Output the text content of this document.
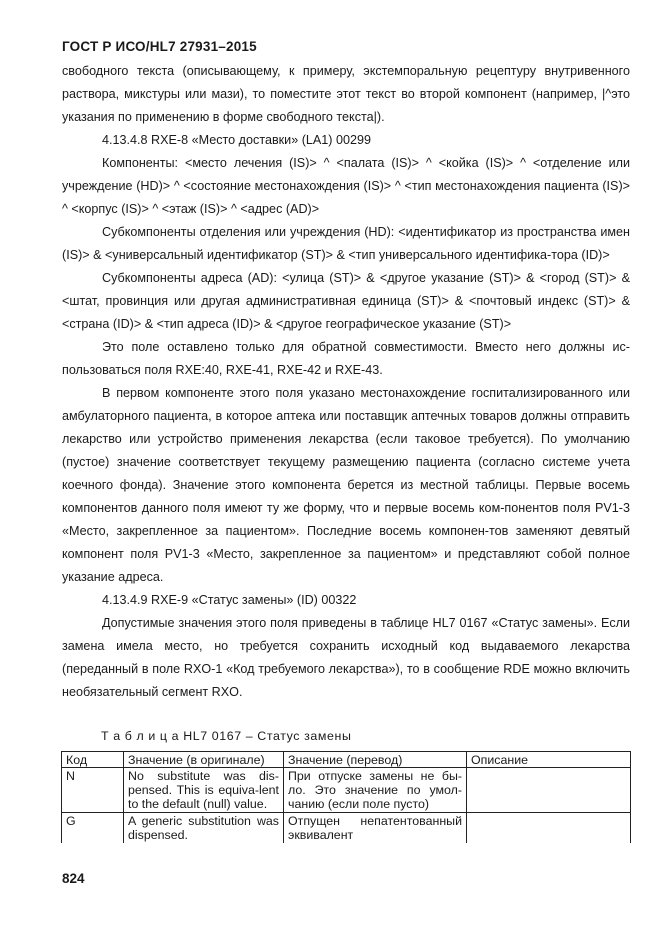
ГОСТ Р ИСО/HL7 27931–2015

свободного текста (описывающему, к примеру, экстемпоральную рецептуру внутривенного раствора, микстуры или мази), то поместите этот текст во второй компонент (например, |^это указания по применению в форме свободного текста|).

4.13.4.8 RXE-8 «Место доставки» (LA1) 00299

Компоненты: <место лечения (IS)> ^ <палата (IS)> ^ <койка (IS)> ^ <отделение или учреждение (HD)> ^ <состояние местонахождения (IS)> ^ <тип местонахождения пациента (IS)> ^ <корпус (IS)> ^ <этаж (IS)> ^ <адрес (AD)>

Субкомпоненты отделения или учреждения (HD): <идентификатор из пространства имен (IS)> & <универсальный идентификатор (ST)> & <тип универсального идентифика-тора (ID)>

Субкомпоненты адреса (AD): <улица (ST)> & <другое указание (ST)> & <город (ST)> & <штат, провинция или другая административная единица (ST)> & <почтовый индекс (ST)> & <страна (ID)> & <тип адреса (ID)> & <другое географическое указание (ST)>

Это поле оставлено только для обратной совместимости. Вместо него должны ис-пользоваться поля RXE:40, RXE-41, RXE-42 и RXE-43.

В первом компоненте этого поля указано местонахождение госпитализированного или амбулаторного пациента, в которое аптека или поставщик аптечных товаров должны отправить лекарство или устройство применения лекарства (если таковое требуется). По умолчанию (пустое) значение соответствует текущему размещению пациента (согласно системе учета коечного фонда). Значение этого компонента берется из местной таблицы. Первые восемь компонентов данного поля имеют ту же форму, что и первые восемь ком-понентов поля PV1-3 «Место, закрепленное за пациентом». Последние восемь компонен-тов заменяют девятый компонент поля PV1-3 «Место, закрепленное за пациентом» и представляют собой полное указание адреса.

4.13.4.9 RXE-9 «Статус замены» (ID) 00322

Допустимые значения этого поля приведены в таблице HL7 0167 «Статус замены». Если замена имела место, но требуется сохранить исходный код выдаваемого лекарства (переданный в поле RXO-1 «Код требуемого лекарства»), то в сообщение RDE можно включить необязательный сегмент RXO.

Т а б л и ц а HL7 0167 – Статус замены
Код	Значение (в оригинале)	Значение (перевод)	Описание
N	No substitute was dis-pensed. This is equiva-lent to the default (null) value.	При отпуске замены не бы-ло. Это значение по умол-чанию (если поле пусто)	
G	A generic substitution was dispensed.	Отпущен непатентованный эквивалент	
824
